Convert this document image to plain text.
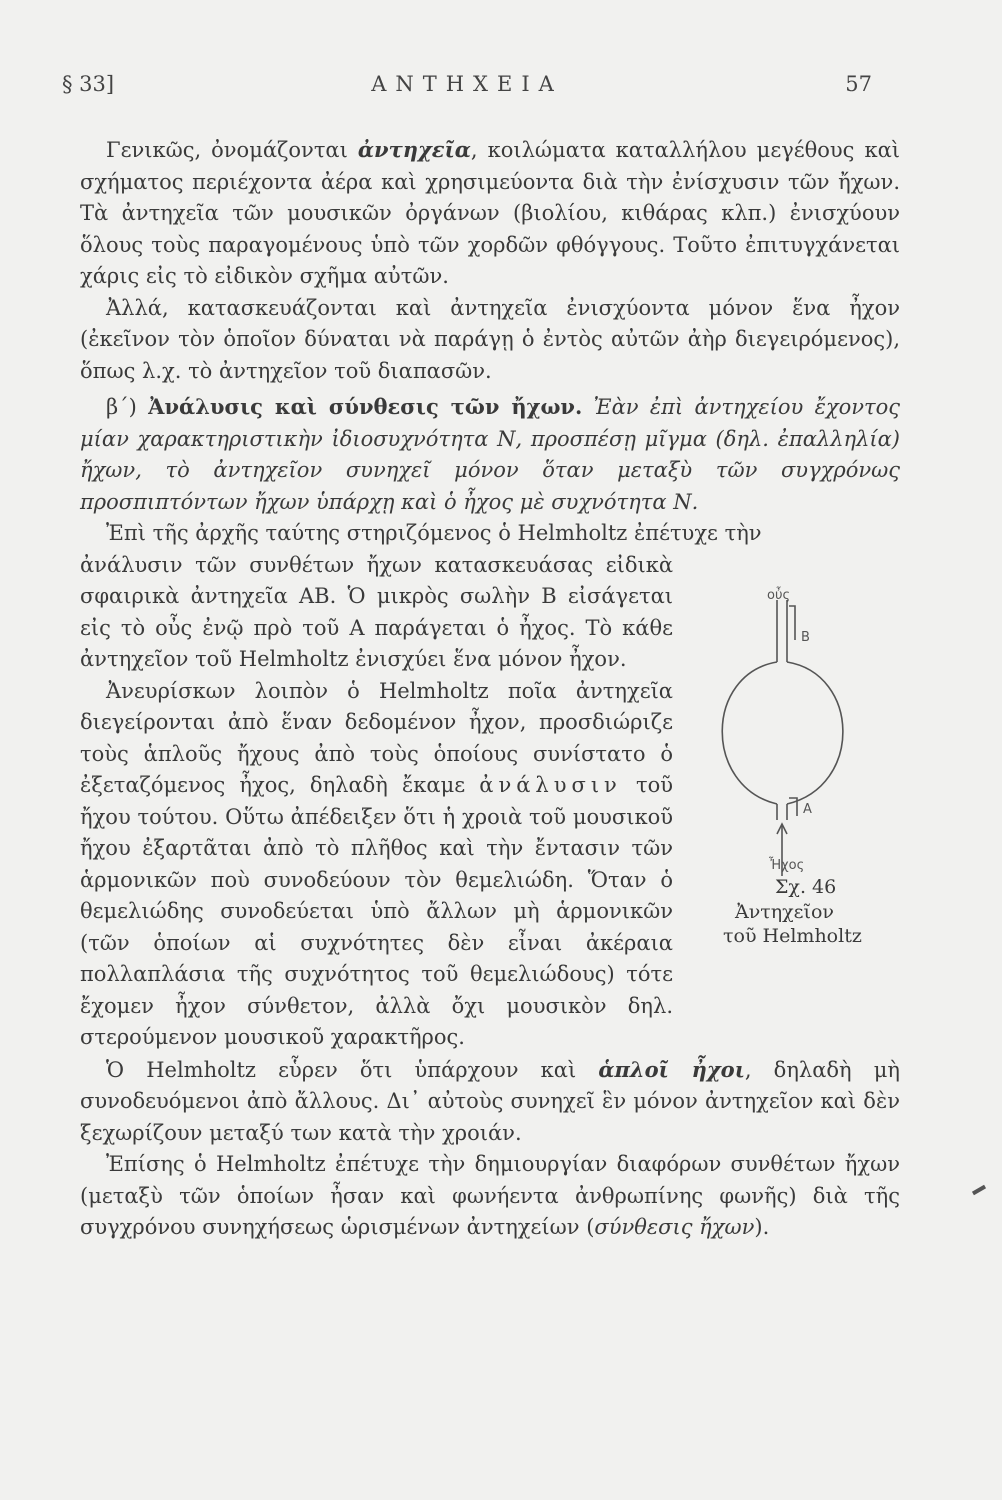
§ 33]	ΑΝΤΗΧΕΙΑ	57

Γενικῶς, ὀνομάζονται ἀντηχεῖα, κοιλώματα καταλλήλου μεγέθους καὶ σχήματος περιέχοντα ἀέρα καὶ χρησιμεύοντα διὰ τὴν ἐνίσχυσιν τῶν ἤχων. Τὰ ἀντηχεῖα τῶν μουσικῶν ὀργάνων (βιολίου, κιθάρας κλπ.) ἐνισχύουν ὅλους τοὺς παραγομένους ὑπὸ τῶν χορδῶν φθόγγους. Τοῦτο ἐπιτυγχάνεται χάρις εἰς τὸ εἰδικὸν σχῆμα αὐτῶν.

Ἀλλά, κατασκευάζονται καὶ ἀντηχεῖα ἐνισχύοντα μόνον ἕνα ἦχον (ἐκεῖνον τὸν ὁποῖον δύναται νὰ παράγῃ ὁ ἐντὸς αὐτῶν ἀὴρ διεγειρόμενος), ὅπως λ.χ. τὸ ἀντηχεῖον τοῦ διαπασῶν.

β΄) Ἀνάλυσις καὶ σύνθεσις τῶν ἤχων. Ἐὰν ἐπὶ ἀντηχείου ἔχοντος μίαν χαρακτηριστικὴν ἰδιοσυχνότητα Ν, προσπέσῃ μῖγμα (δηλ. ἐπαλληλία) ἤχων, τὸ ἀντηχεῖον συνηχεῖ μόνον ὅταν μεταξὺ τῶν συγχρόνως προσπιπτόντων ἤχων ὑπάρχῃ καὶ ὁ ἦχος μὲ συχνότητα Ν.

Ἐπὶ τῆς ἀρχῆς ταύτης στηριζόμενος ὁ Helmholtz ἐπέτυχε τὴν

οὖς
Β
Α
Ἦχος
Σχ. 46
Ἀντηχεῖον
τοῦ Helmholtz

ἀνάλυσιν τῶν συνθέτων ἤχων κατασκευάσας εἰδικὰ σφαιρικὰ ἀντηχεῖα ΑΒ. Ὁ μικρὸς σωλὴν Β εἰσάγεται εἰς τὸ οὖς ἐνῷ πρὸ τοῦ Α παράγεται ὁ ἦχος. Τὸ κάθε ἀντηχεῖον τοῦ Helmholtz ἐνισχύει ἕνα μόνον ἦχον.

Ἀνευρίσκων λοιπὸν ὁ Helmholtz ποῖα ἀντηχεῖα διεγείρονται ἀπὸ ἕναν δεδομένον ἦχον, προσδιώριζε τοὺς ἁπλοῦς ἤχους ἀπὸ τοὺς ὁποίους συνίστατο ὁ ἐξεταζόμενος ἦχος, δηλαδὴ ἔκαμε ἀνάλυσιν τοῦ ἤχου τούτου. Οὕτω ἀπέδειξεν ὅτι ἡ χροιὰ τοῦ μουσικοῦ ἤχου ἐξαρτᾶται ἀπὸ τὸ πλῆθος καὶ τὴν ἔντασιν τῶν ἁρμονικῶν ποὺ συνοδεύουν τὸν θεμελιώδη. Ὅταν ὁ θεμελιώδης συνοδεύεται ὑπὸ ἄλλων μὴ ἁρμονικῶν (τῶν ὁποίων αἱ συχνότητες δὲν εἶναι ἀκέραια πολλαπλάσια τῆς συχνότητος τοῦ θεμελιώδους) τότε ἔχομεν ἦχον σύνθετον, ἀλλὰ ὄχι μουσικὸν δηλ. στερούμενον μουσικοῦ χαρακτῆρος.

Ὁ Helmholtz εὗρεν ὅτι ὑπάρχουν καὶ ἁπλοῖ ἦχοι, δηλαδὴ μὴ συνοδευόμενοι ἀπὸ ἄλλους. Δι᾽ αὐτοὺς συνηχεῖ ἓν μόνον ἀντηχεῖον καὶ δὲν ξεχωρίζουν μεταξύ των κατὰ τὴν χροιάν.

Ἐπίσης ὁ Helmholtz ἐπέτυχε τὴν δημιουργίαν διαφόρων συνθέτων ἤχων (μεταξὺ τῶν ὁποίων ἦσαν καὶ φωνήεντα ἀνθρωπίνης φωνῆς) διὰ τῆς συγχρόνου συνηχήσεως ὡρισμένων ἀντηχείων (σύνθεσις ἤχων).
